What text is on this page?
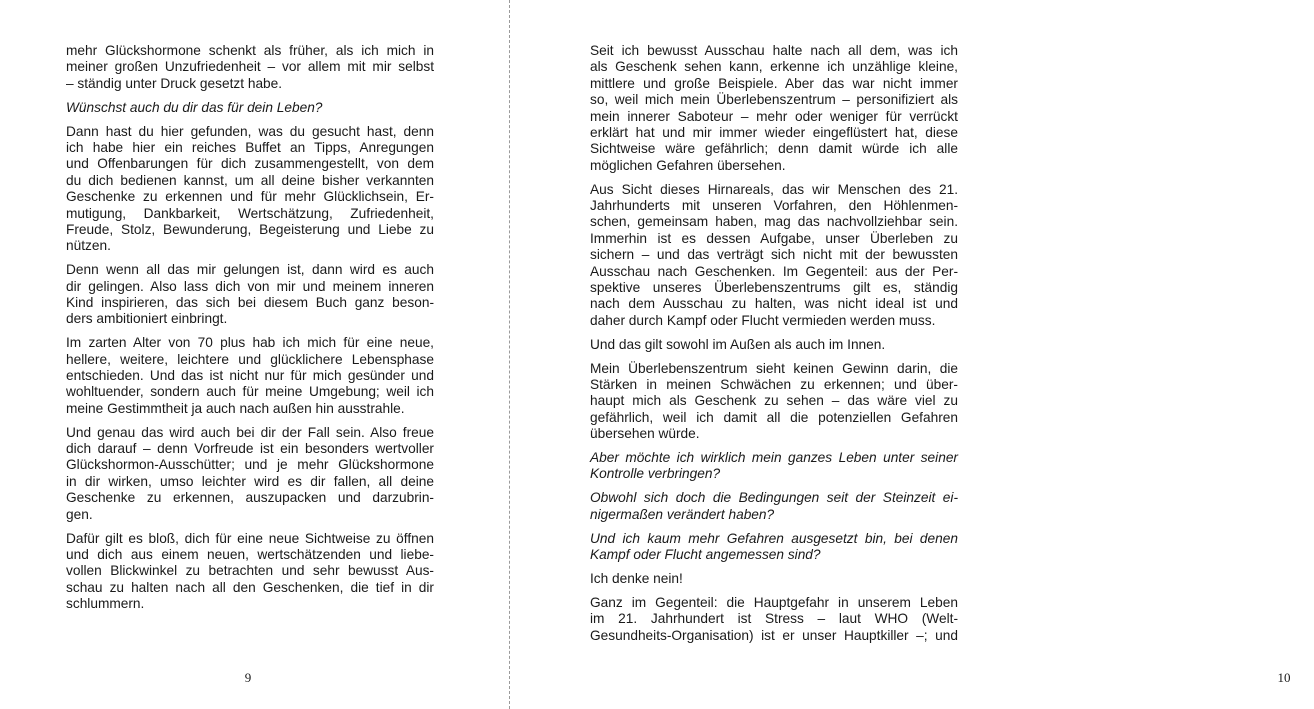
mehr Glückshormone schenkt als früher, als ich mich in
meiner großen Unzufriedenheit – vor allem mit mir selbst
– ständig unter Druck gesetzt habe.
Wünschst auch du dir das für dein Leben?
Dann hast du hier gefunden, was du gesucht hast, denn
ich habe hier ein reiches Buffet an Tipps, Anregungen
und Offenbarungen für dich zusammengestellt, von dem
du dich bedienen kannst, um all deine bisher verkannten
Geschenke zu erkennen und für mehr Glücklichsein, Er-
mutigung, Dankbarkeit, Wertschätzung, Zufriedenheit,
Freude, Stolz, Bewunderung, Begeisterung und Liebe zu
nützen.
Denn wenn all das mir gelungen ist, dann wird es auch
dir gelingen. Also lass dich von mir und meinem inneren
Kind inspirieren, das sich bei diesem Buch ganz beson-
ders ambitioniert einbringt.
Im zarten Alter von 70 plus hab ich mich für eine neue,
hellere, weitere, leichtere und glücklichere Lebensphase
entschieden. Und das ist nicht nur für mich gesünder und
wohltuender, sondern auch für meine Umgebung; weil ich
meine Gestimmtheit ja auch nach außen hin ausstrahle.
Und genau das wird auch bei dir der Fall sein. Also freue
dich darauf – denn Vorfreude ist ein besonders wertvoller
Glückshormon-Ausschütter; und je mehr Glückshormone
in dir wirken, umso leichter wird es dir fallen, all deine
Geschenke zu erkennen, auszupacken und darzubrin-
gen.
Dafür gilt es bloß, dich für eine neue Sichtweise zu öffnen
und dich aus einem neuen, wertschätzenden und liebe-
vollen Blickwinkel zu betrachten und sehr bewusst Aus-
schau zu halten nach all den Geschenken, die tief in dir
schlummern.
9	10
Seit ich bewusst Ausschau halte nach all dem, was ich
als Geschenk sehen kann, erkenne ich unzählige kleine,
mittlere und große Beispiele. Aber das war nicht immer
so, weil mich mein Überlebenszentrum – personifiziert als
mein innerer Saboteur – mehr oder weniger für verrückt
erklärt hat und mir immer wieder eingeflüstert hat, diese
Sichtweise wäre gefährlich; denn damit würde ich alle
möglichen Gefahren übersehen.
Aus Sicht dieses Hirnareals, das wir Menschen des 21.
Jahrhunderts mit unseren Vorfahren, den Höhlenmen-
schen, gemeinsam haben, mag das nachvollziehbar sein.
Immerhin ist es dessen Aufgabe, unser Überleben zu
sichern – und das verträgt sich nicht mit der bewussten
Ausschau nach Geschenken. Im Gegenteil: aus der Per-
spektive unseres Überlebenszentrums gilt es, ständig
nach dem Ausschau zu halten, was nicht ideal ist und
daher durch Kampf oder Flucht vermieden werden muss.
Und das gilt sowohl im Außen als auch im Innen.
Mein Überlebenszentrum sieht keinen Gewinn darin, die
Stärken in meinen Schwächen zu erkennen; und über-
haupt mich als Geschenk zu sehen – das wäre viel zu
gefährlich, weil ich damit all die potenziellen Gefahren
übersehen würde.
Aber möchte ich wirklich mein ganzes Leben unter seiner
Kontrolle verbringen?
Obwohl sich doch die Bedingungen seit der Steinzeit ei-
nigermaßen verändert haben?
Und ich kaum mehr Gefahren ausgesetzt bin, bei denen
Kampf oder Flucht angemessen sind?
Ich denke nein!
Ganz im Gegenteil: die Hauptgefahr in unserem Leben
im 21. Jahrhundert ist Stress – laut WHO (Welt-
Gesundheits-Organisation) ist er unser Hauptkiller –; und
